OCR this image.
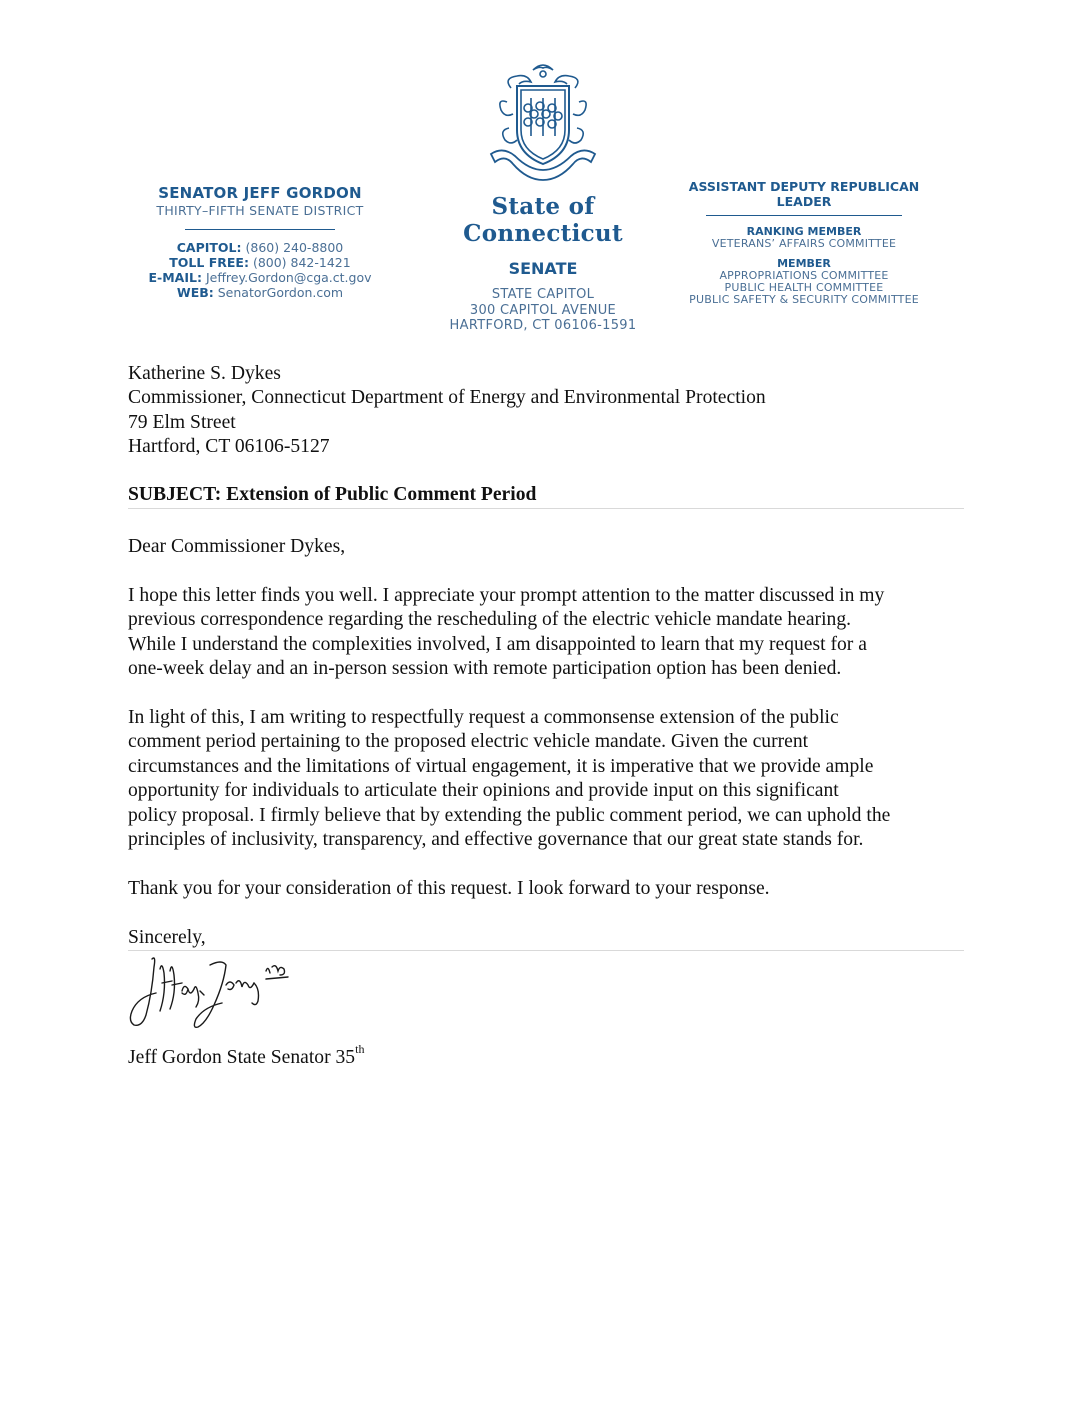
SENATOR JEFF GORDON
THIRTY–FIFTH SENATE DISTRICT
CAPITOL: (860) 240-8800
TOLL FREE: (800) 842-1421
E-MAIL: Jeffrey.Gordon@cga.ct.gov
WEB: SenatorGordon.com
State of Connecticut
SENATE
STATE CAPITOL
300 CAPITOL AVENUE
HARTFORD, CT 06106-1591
ASSISTANT DEPUTY REPUBLICAN LEADER
RANKING MEMBER
VETERANS’ AFFAIRS COMMITTEE
MEMBER
APPROPRIATIONS COMMITTEE
PUBLIC HEALTH COMMITTEE
PUBLIC SAFETY & SECURITY COMMITTEE
Katherine S. Dykes
Commissioner, Connecticut Department of Energy and Environmental Protection
79 Elm Street
Hartford, CT 06106-5127
SUBJECT: Extension of Public Comment Period
Dear Commissioner Dykes,
I hope this letter finds you well. I appreciate your prompt attention to the matter discussed in my
previous correspondence regarding the rescheduling of the electric vehicle mandate hearing.
While I understand the complexities involved, I am disappointed to learn that my request for a
one-week delay and an in-person session with remote participation option has been denied.
In light of this, I am writing to respectfully request a commonsense extension of the public
comment period pertaining to the proposed electric vehicle mandate. Given the current
circumstances and the limitations of virtual engagement, it is imperative that we provide ample
opportunity for individuals to articulate their opinions and provide input on this significant
policy proposal. I firmly believe that by extending the public comment period, we can uphold the
principles of inclusivity, transparency, and effective governance that our great state stands for.
Thank you for your consideration of this request. I look forward to your response.
Sincerely,
Jeff Gordon State Senator 35th
